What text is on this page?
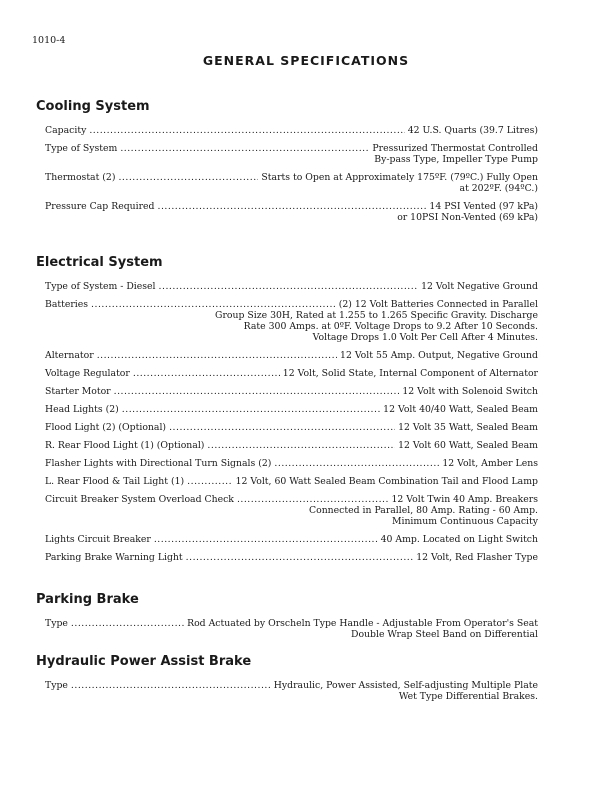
1010-4
GENERAL SPECIFICATIONS
Cooling System
Capacity .....	42 U.S. Quarts (39.7 Litres)
Type of System .....	Pressurized Thermostat Controlled
By-pass Type, Impeller Type Pump
Thermostat (2) .....	Starts to Open at Approximately 175ºF. (79ºC.) Fully Open
at 202ºF. (94ºC.)
Pressure Cap Required .....	14 PSI Vented (97 kPa)
or 10PSI Non-Vented (69 kPa)
Electrical System
Type of System - Diesel .....	12 Volt Negative Ground
Batteries .....	(2) 12 Volt Batteries Connected in Parallel
Group Size 30H, Rated at 1.255 to 1.265 Specific Gravity. Discharge
Rate 300 Amps. at 0ºF. Voltage Drops to 9.2 After 10 Seconds.
Voltage Drops 1.0 Volt Per Cell After 4 Minutes.
Alternator .....	12 Volt 55 Amp. Output, Negative Ground
Voltage Regulator .....	12 Volt, Solid State, Internal Component of Alternator
Starter Motor .....	12 Volt with Solenoid Switch
Head Lights (2) .....	12 Volt 40/40 Watt, Sealed Beam
Flood Light (2) (Optional) .....	12 Volt 35 Watt, Sealed Beam
R. Rear Flood Light (1) (Optional) .....	12 Volt 60 Watt, Sealed Beam
Flasher Lights with Directional Turn Signals (2) .....	12 Volt, Amber Lens
L. Rear Flood & Tail Light (1) .....	12 Volt, 60 Watt Sealed Beam Combination Tail and Flood Lamp
Circuit Breaker System Overload Check .....	12 Volt Twin 40 Amp. Breakers
Connected in Parallel, 80 Amp. Rating - 60 Amp.
Minimum Continuous Capacity
Lights Circuit Breaker .....	40 Amp. Located on Light Switch
Parking Brake Warning Light .....	12 Volt, Red Flasher Type
Parking Brake
Type .....	Rod Actuated by Orscheln Type Handle - Adjustable From Operator's Seat
Double Wrap Steel Band on Differential
Hydraulic Power Assist Brake
Type .....	Hydraulic, Power Assisted, Self-adjusting Multiple Plate
Wet Type Differential Brakes.
